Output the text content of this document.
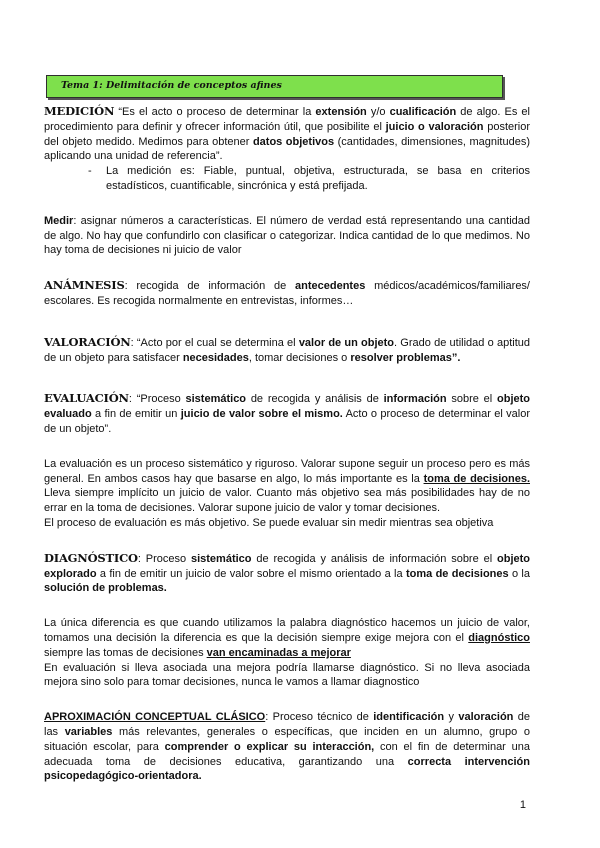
Tema 1: Delimitación de conceptos afines

MEDICIÓN “Es el acto o proceso de determinar la extensión y/o cualificación de algo. Es el procedimiento para definir y ofrecer información útil, que posibilite el juicio o valoración posterior del objeto medido. Medimos para obtener datos objetivos (cantidades, dimensiones, magnitudes) aplicando una unidad de referencia”.

- La medición es: Fiable, puntual, objetiva, estructurada, se basa en criterios estadísticos, cuantificable, sincrónica y está prefijada.

Medir: asignar números a características. El número de verdad está representando una cantidad de algo. No hay que confundirlo con clasificar o categorizar. Indica cantidad de lo que medimos. No hay toma de decisiones ni juicio de valor

ANÁMNESIS: recogida de información de antecedentes médicos/académicos/familiares/ escolares. Es recogida normalmente en entrevistas, informes…

VALORACIÓN: “Acto por el cual se determina el valor de un objeto. Grado de utilidad o aptitud de un objeto para satisfacer necesidades, tomar decisiones o resolver problemas”.

EVALUACIÓN: “Proceso sistemático de recogida y análisis de información sobre el objeto evaluado a fin de emitir un juicio de valor sobre el mismo. Acto o proceso de determinar el valor de un objeto”.

La evaluación es un proceso sistemático y riguroso. Valorar supone seguir un proceso pero es más general. En ambos casos hay que basarse en algo, lo más importante es la toma de decisiones. Lleva siempre implícito un juicio de valor. Cuanto más objetivo sea más posibilidades hay de no errar en la toma de decisiones. Valorar supone juicio de valor y tomar decisiones.

El proceso de evaluación es más objetivo. Se puede evaluar sin medir mientras sea objetiva

DIAGNÓSTICO: Proceso sistemático de recogida y análisis de información sobre el objeto explorado a fin de emitir un juicio de valor sobre el mismo orientado a la toma de decisiones o la solución de problemas.

La única diferencia es que cuando utilizamos la palabra diagnóstico hacemos un juicio de valor, tomamos una decisión la diferencia es que la decisión siempre exige mejora con el diagnóstico siempre las tomas de decisiones van encaminadas a mejorar

En evaluación si lleva asociada una mejora podría llamarse diagnóstico. Si no lleva asociada mejora sino solo para tomar decisiones, nunca le vamos a llamar diagnostico

APROXIMACIÓN CONCEPTUAL CLÁSICO: Proceso técnico de identificación y valoración de las variables más relevantes, generales o específicas, que inciden en un alumno, grupo o situación escolar, para comprender o explicar su interacción, con el fin de determinar una adecuada toma de decisiones educativa, garantizando una correcta intervención psicopedagógico-orientadora.

1
